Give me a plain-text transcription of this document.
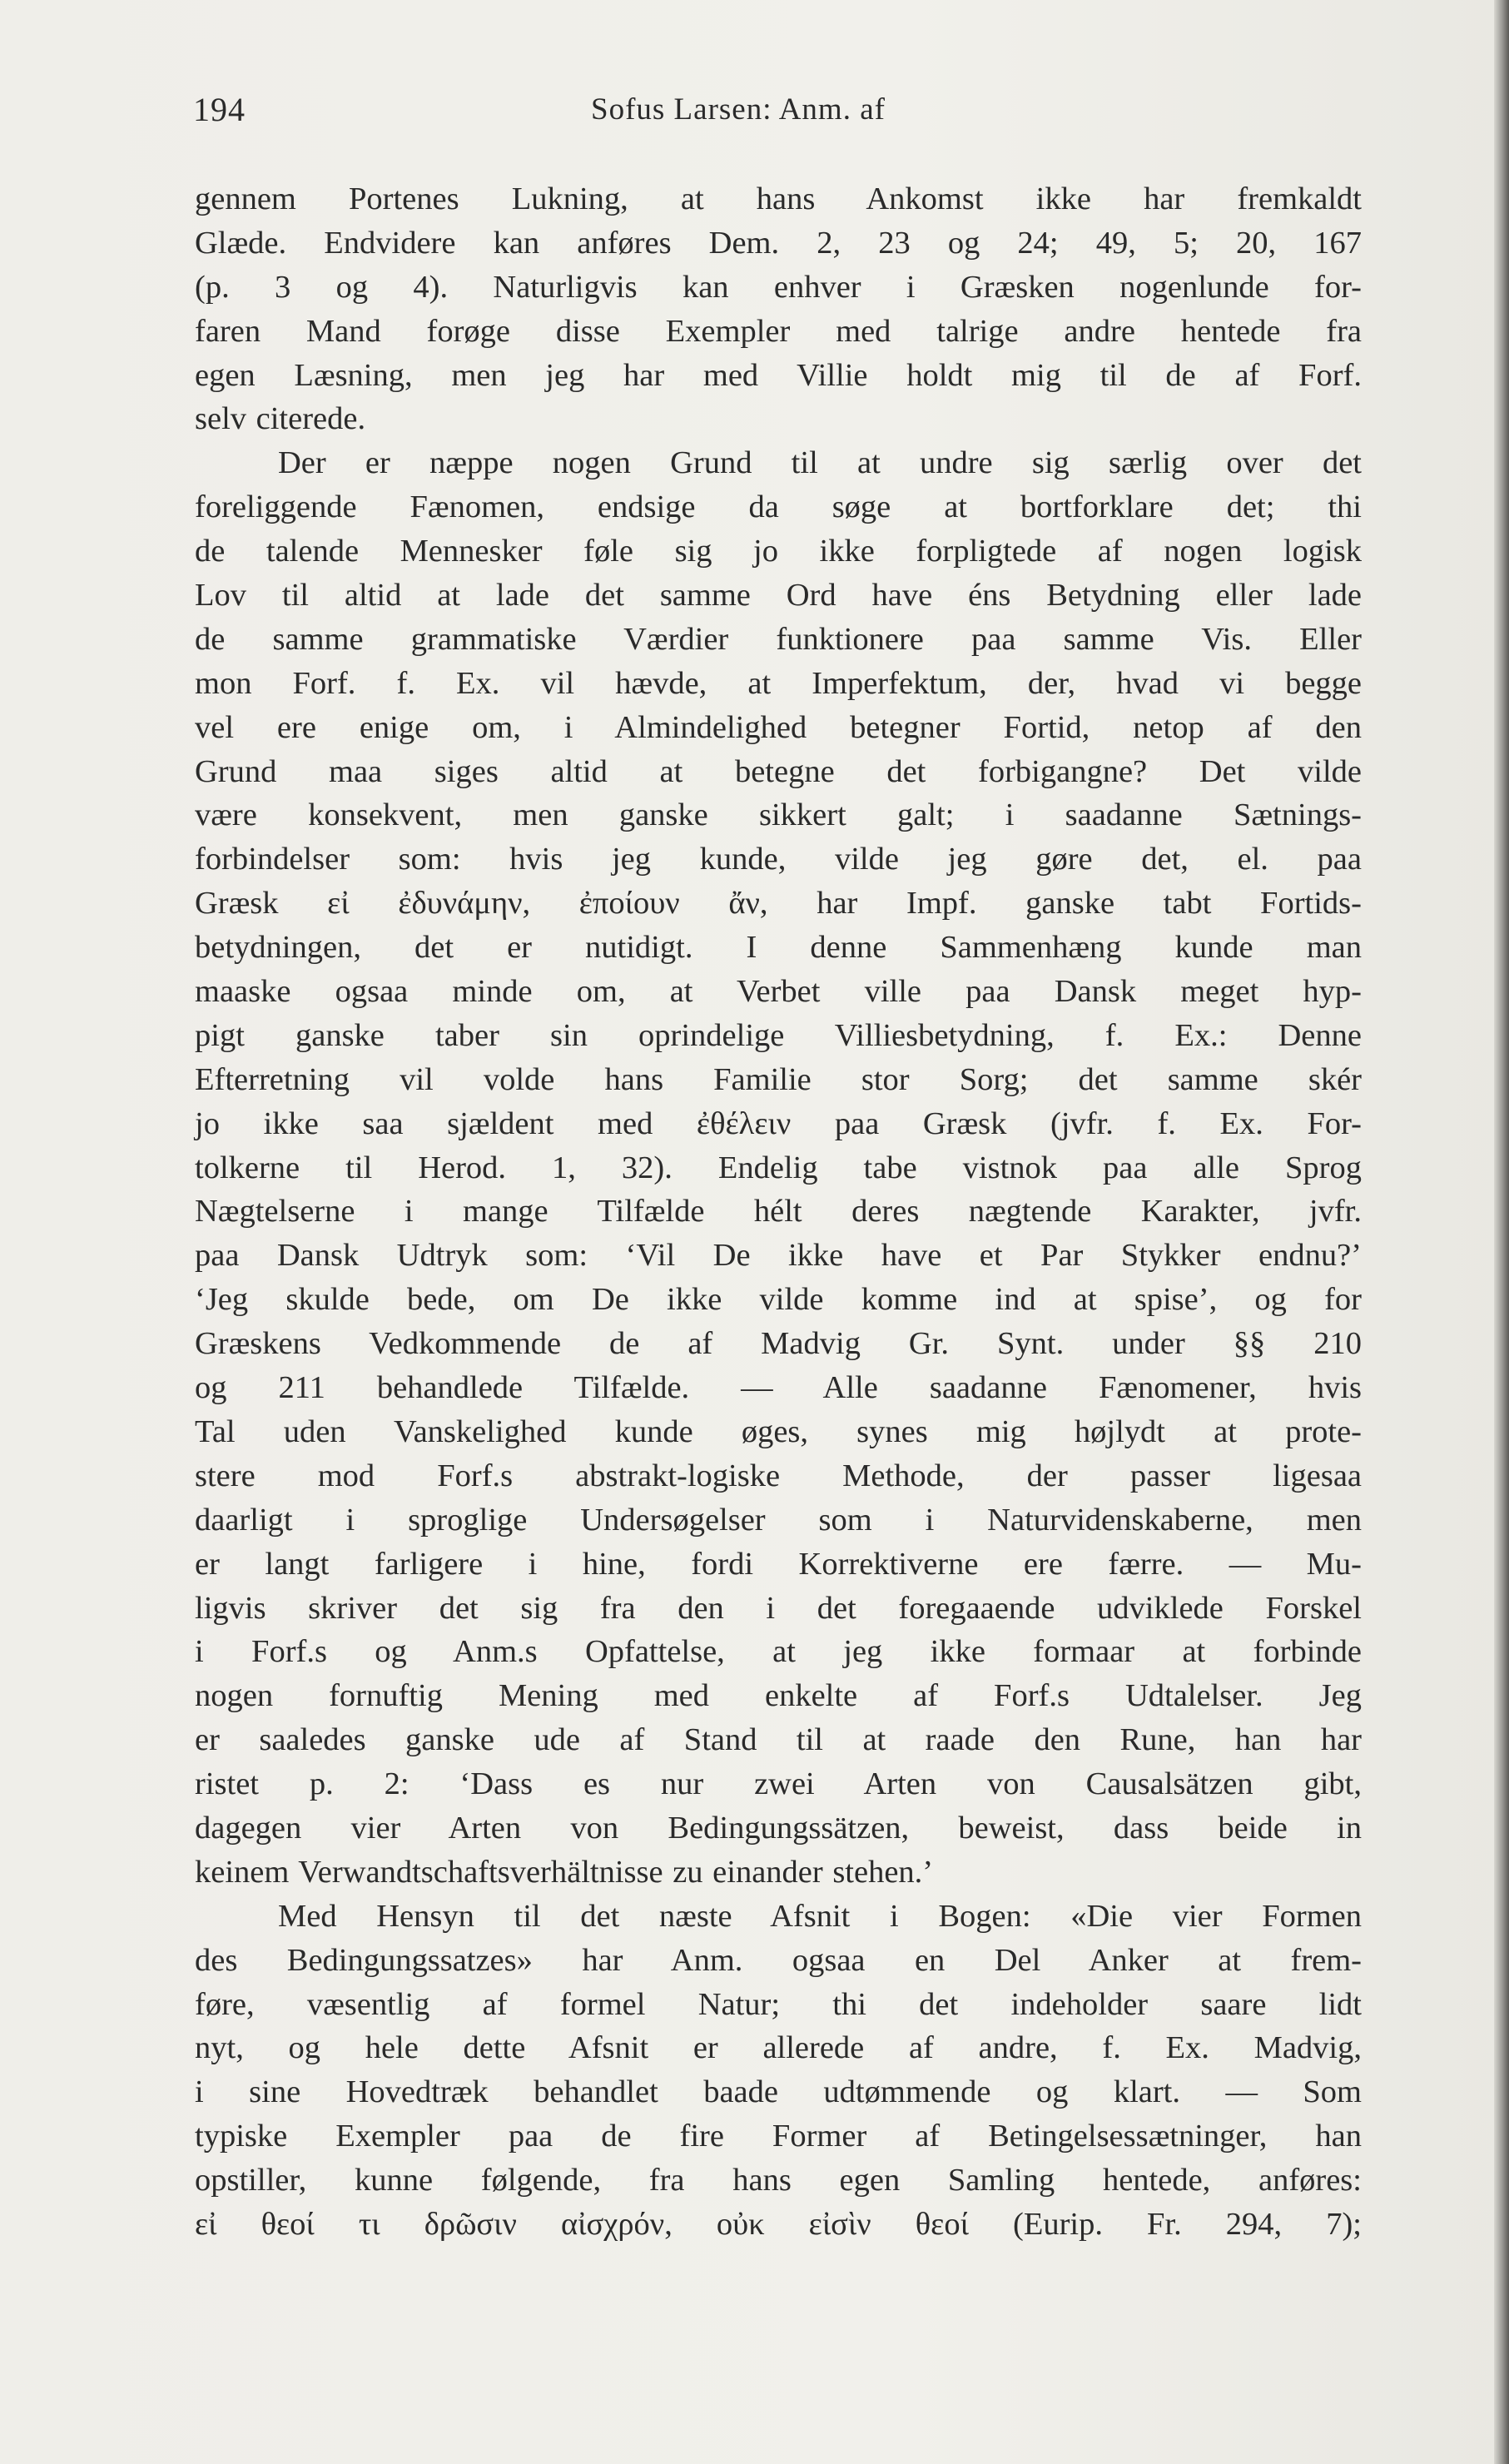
194	Sofus Larsen: Anm. af
gennem Portenes Lukning, at hans Ankomst ikke har fremkaldt
Glæde. Endvidere kan anføres Dem. 2, 23 og 24; 49, 5; 20, 167
(p. 3 og 4). Naturligvis kan enhver i Græsken nogenlunde for-
faren Mand forøge disse Exempler med talrige andre hentede fra
egen Læsning, men jeg har med Villie holdt mig til de af Forf.
selv citerede.
Der er næppe nogen Grund til at undre sig særlig over det
foreliggende Fænomen, endsige da søge at bortforklare det; thi
de talende Mennesker føle sig jo ikke forpligtede af nogen logisk
Lov til altid at lade det samme Ord have éns Betydning eller lade
de samme grammatiske Værdier funktionere paa samme Vis. Eller
mon Forf. f. Ex. vil hævde, at Imperfektum, der, hvad vi begge
vel ere enige om, i Almindelighed betegner Fortid, netop af den
Grund maa siges altid at betegne det forbigangne? Det vilde
være konsekvent, men ganske sikkert galt; i saadanne Sætnings-
forbindelser som: hvis jeg kunde, vilde jeg gøre det, el. paa
Græsk εἰ ἐδυνάμην, ἐποίουν ἄν, har Impf. ganske tabt Fortids-
betydningen, det er nutidigt. I denne Sammenhæng kunde man
maaske ogsaa minde om, at Verbet ville paa Dansk meget hyp-
pigt ganske taber sin oprindelige Villiesbetydning, f. Ex.: Denne
Efterretning vil volde hans Familie stor Sorg; det samme skér
jo ikke saa sjældent med ἐθέλειν paa Græsk (jvfr. f. Ex. For-
tolkerne til Herod. 1, 32). Endelig tabe vistnok paa alle Sprog
Nægtelserne i mange Tilfælde hélt deres nægtende Karakter, jvfr.
paa Dansk Udtryk som: ‘Vil De ikke have et Par Stykker endnu?’
‘Jeg skulde bede, om De ikke vilde komme ind at spise’, og for
Græskens Vedkommende de af Madvig Gr. Synt. under §§ 210
og 211 behandlede Tilfælde. — Alle saadanne Fænomener, hvis
Tal uden Vanskelighed kunde øges, synes mig højlydt at prote-
stere mod Forf.s abstrakt-logiske Methode, der passer ligesaa
daarligt i sproglige Undersøgelser som i Naturvidenskaberne, men
er langt farligere i hine, fordi Korrektiverne ere færre. — Mu-
ligvis skriver det sig fra den i det foregaaende udviklede Forskel
i Forf.s og Anm.s Opfattelse, at jeg ikke formaar at forbinde
nogen fornuftig Mening med enkelte af Forf.s Udtalelser. Jeg
er saaledes ganske ude af Stand til at raade den Rune, han har
ristet p. 2: ‘Dass es nur zwei Arten von Causalsätzen gibt,
dagegen vier Arten von Bedingungssätzen, beweist, dass beide in
keinem Verwandtschaftsverhältnisse zu einander stehen.’
Med Hensyn til det næste Afsnit i Bogen: «Die vier Formen
des Bedingungssatzes» har Anm. ogsaa en Del Anker at frem-
føre, væsentlig af formel Natur; thi det indeholder saare lidt
nyt, og hele dette Afsnit er allerede af andre, f. Ex. Madvig,
i sine Hovedtræk behandlet baade udtømmende og klart. — Som
typiske Exempler paa de fire Former af Betingelsessætninger, han
opstiller, kunne følgende, fra hans egen Samling hentede, anføres:
εἰ θεοί τι δρῶσιν αἰσχρόν, οὐκ εἰσὶν θεοί (Eurip. Fr. 294, 7);
